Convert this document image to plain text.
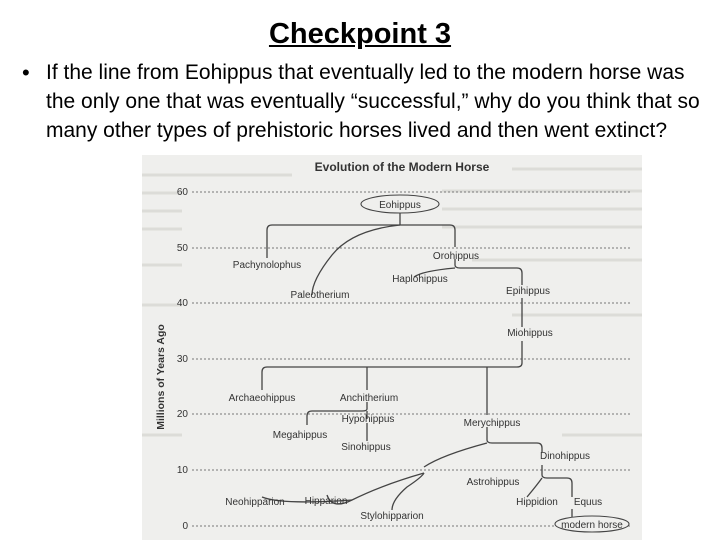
Checkpoint 3
• If the line from Eohippus that eventually led to the modern horse was the only one that was eventually “successful,” why do you think that so many other types of prehistoric horses lived and then went extinct?
Evolution of the Modern Horse
Millions of Years Ago
60
50
40
30
20
10
0
Eohippus
Pachynolophus
Orohippus
Haplohippus
Paleotherium	Epihippus
Miohippus
Archaeohippus	Anchitherium
Hypohippus
Megahippus
Merychippus
Sinohippus
Dinohippus
Astrohippus
Neohipparion Hipparion	Hippidion Equus
Stylohipparion
modern horse
